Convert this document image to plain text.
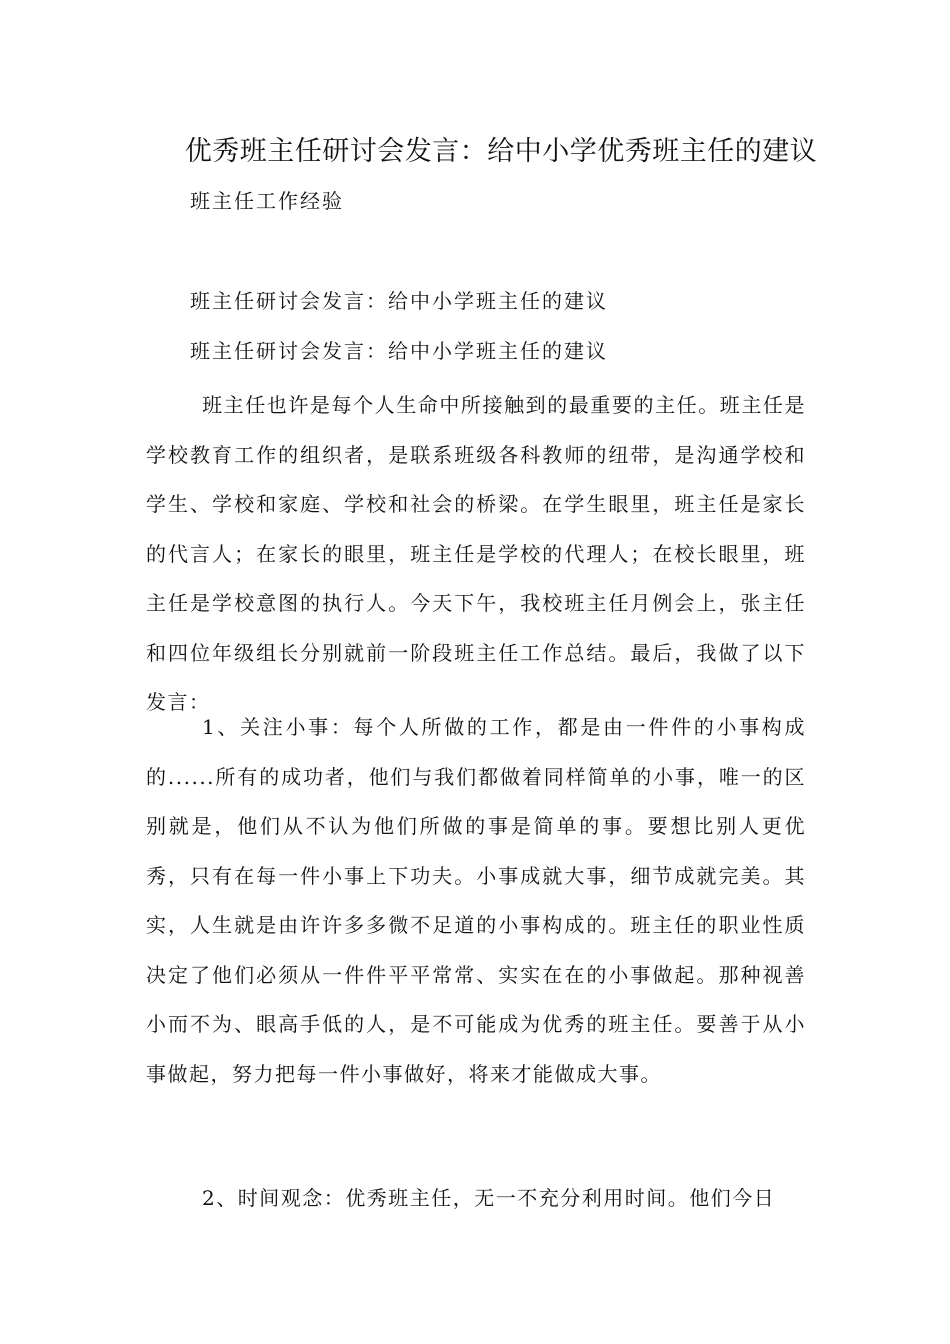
优秀班主任研讨会发言：给中小学优秀班主任的建议

班主任工作经验

班主任研讨会发言：给中小学班主任的建议

班主任研讨会发言：给中小学班主任的建议

班主任也许是每个人生命中所接触到的最重要的主任。班主任是学校教育工作的组织者，是联系班级各科教师的纽带，是沟通学校和学生、学校和家庭、学校和社会的桥梁。在学生眼里，班主任是家长的代言人；在家长的眼里，班主任是学校的代理人；在校长眼里，班主任是学校意图的执行人。今天下午，我校班主任月例会上，张主任和四位年级组长分别就前一阶段班主任工作总结。最后，我做了以下发言：

1、关注小事：每个人所做的工作，都是由一件件的小事构成的......所有的成功者，他们与我们都做着同样简单的小事，唯一的区别就是，他们从不认为他们所做的事是简单的事。要想比别人更优秀，只有在每一件小事上下功夫。小事成就大事，细节成就完美。其实，人生就是由许许多多微不足道的小事构成的。班主任的职业性质决定了他们必须从一件件平平常常、实实在在的小事做起。那种视善小而不为、眼高手低的人，是不可能成为优秀的班主任。要善于从小事做起，努力把每一件小事做好，将来才能做成大事。

2、时间观念：优秀班主任，无一不充分利用时间。他们今日
